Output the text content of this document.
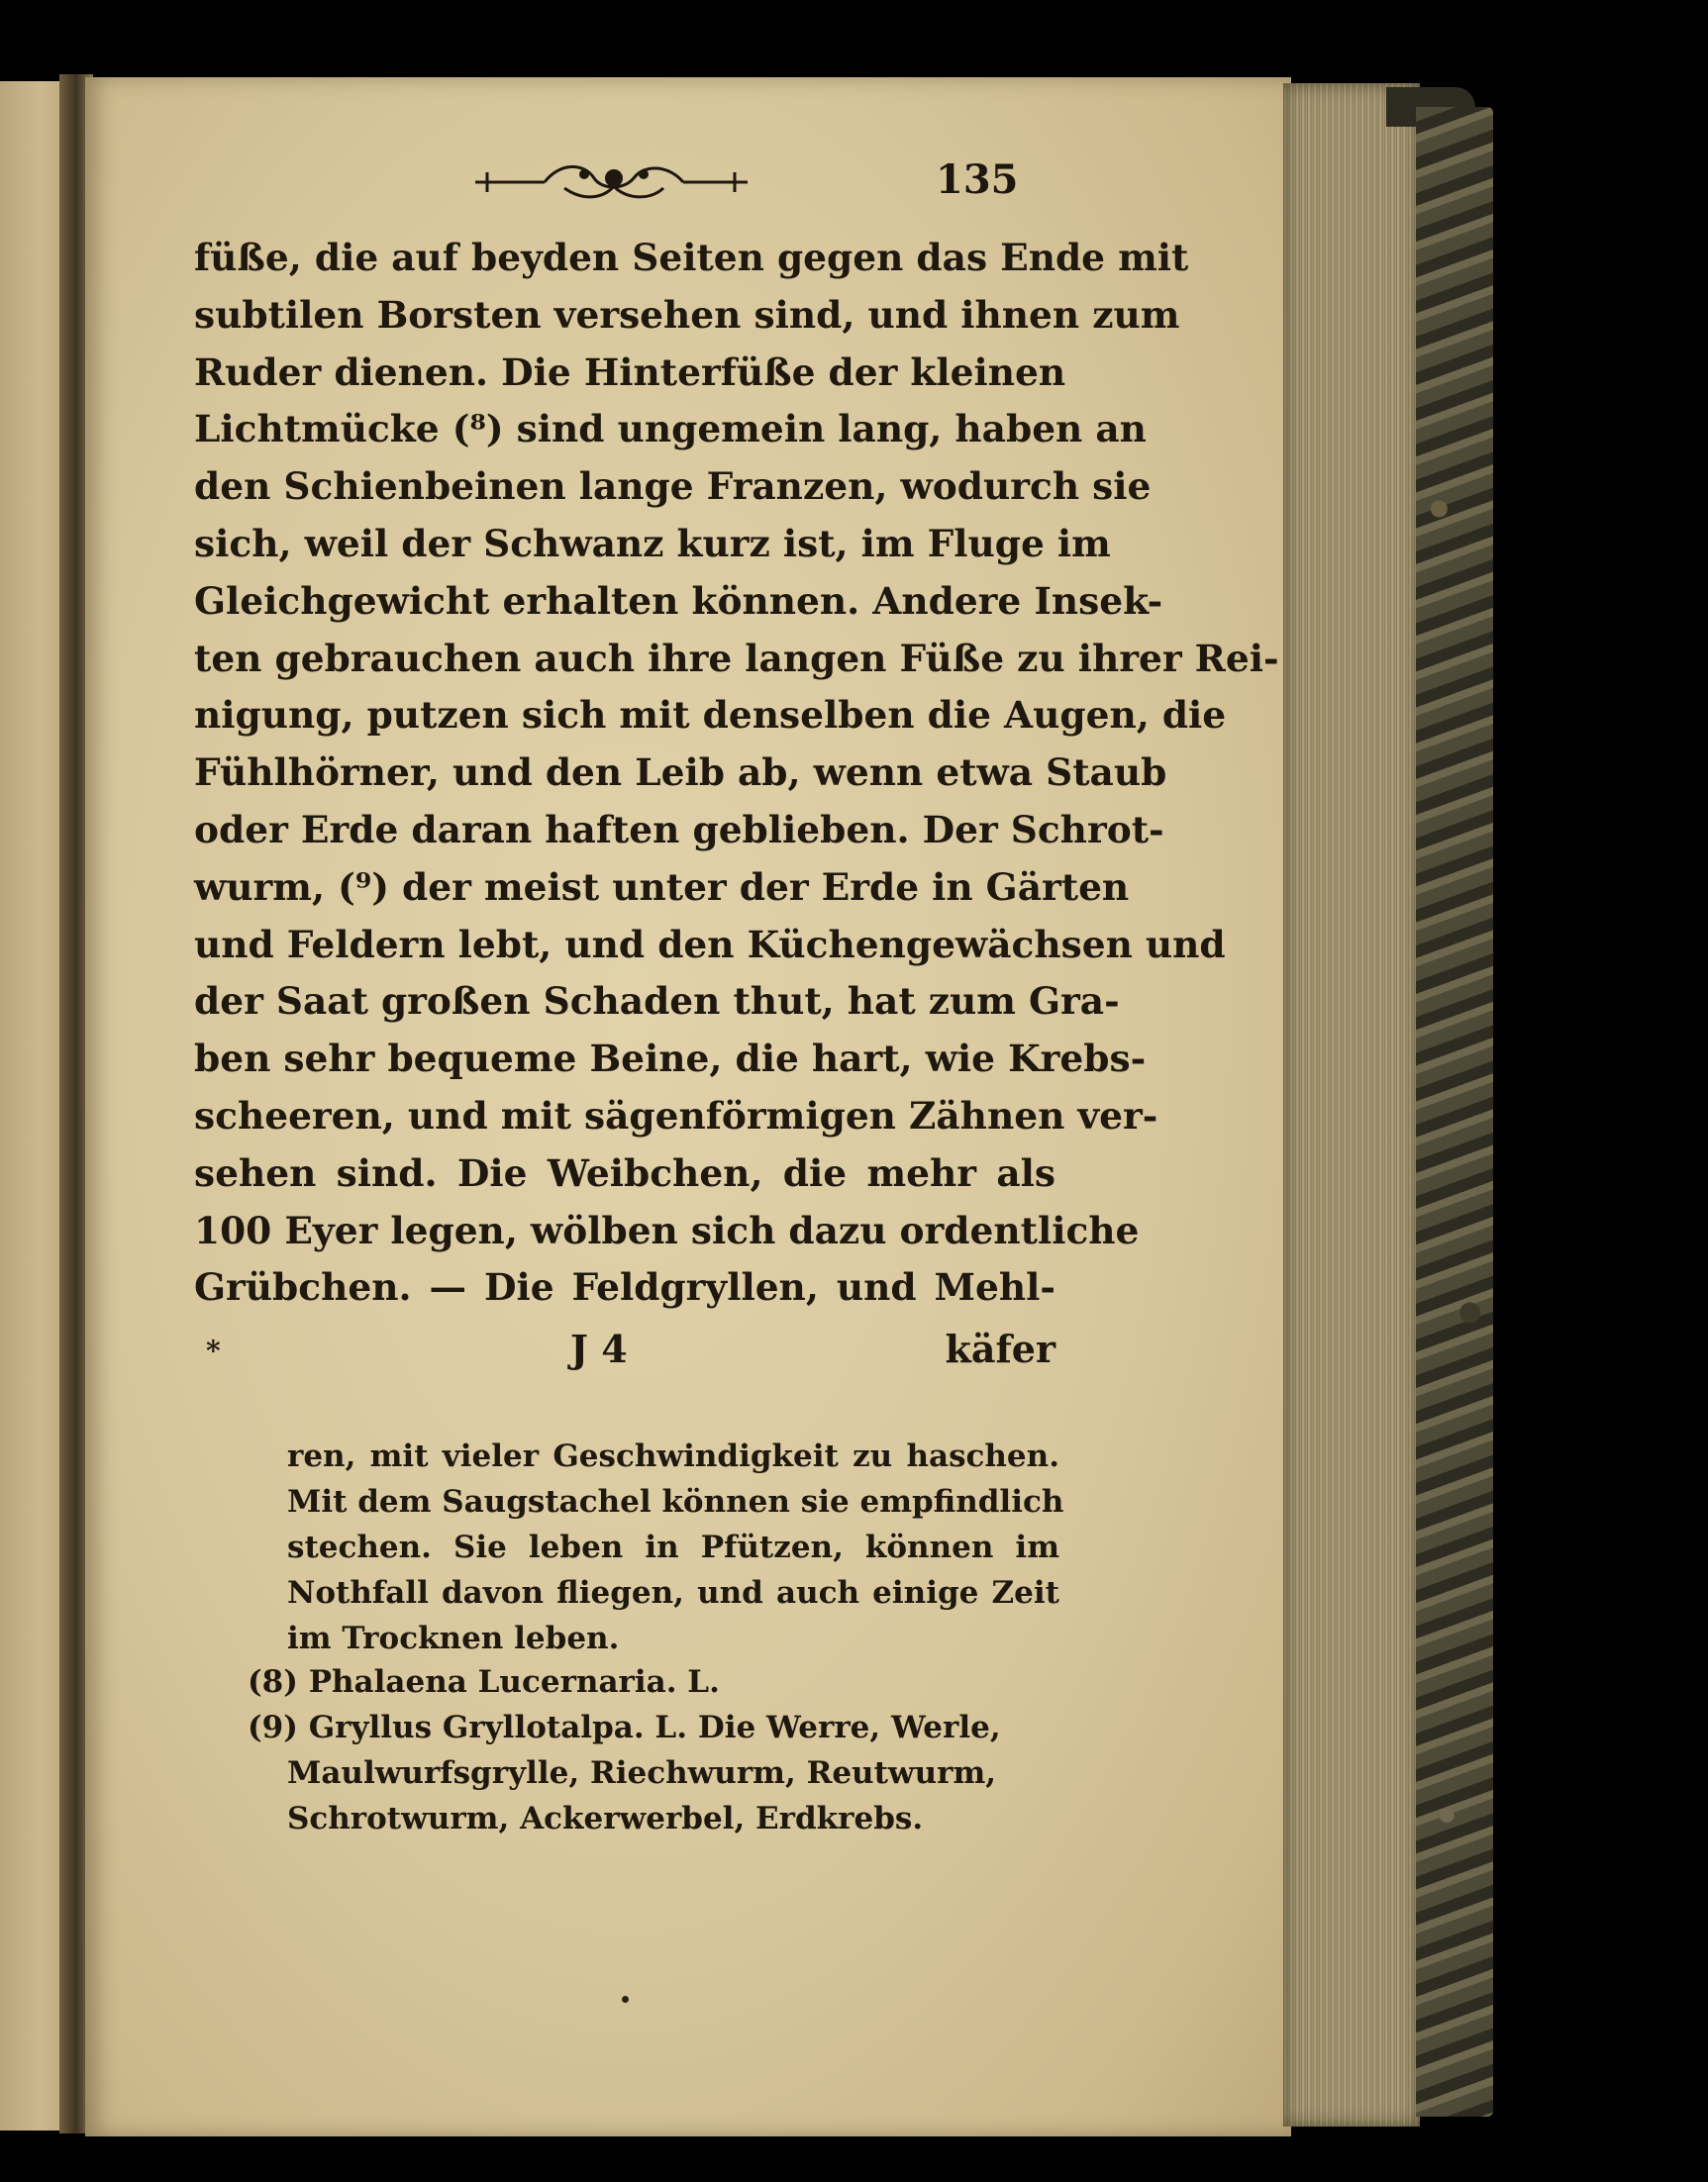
135
füße, die auf beyden Seiten gegen das Ende mit
subtilen Borsten versehen sind, und ihnen zum
Ruder dienen. Die Hinterfüße der kleinen
Lichtmücke (⁸) sind ungemein lang, haben an
den Schienbeinen lange Franzen, wodurch sie
sich, weil der Schwanz kurz ist, im Fluge im
Gleichgewicht erhalten können. Andere Insek-
ten gebrauchen auch ihre langen Füße zu ihrer Rei-
nigung, putzen sich mit denselben die Augen, die
Fühlhörner, und den Leib ab, wenn etwa Staub
oder Erde daran haften geblieben. Der Schrot-
wurm, (⁹) der meist unter der Erde in Gärten
und Feldern lebt, und den Küchengewächsen und
der Saat großen Schaden thut, hat zum Gra-
ben sehr bequeme Beine, die hart, wie Krebs-
scheeren, und mit sägenförmigen Zähnen ver-
sehen sind. Die Weibchen, die mehr als
100 Eyer legen, wölben sich dazu ordentliche
Grübchen. — Die Feldgryllen, und Mehl-
*	J 4	käfer
ren, mit vieler Geschwindigkeit zu haschen.
Mit dem Saugstachel können sie empfindlich
stechen. Sie leben in Pfützen, können im
Nothfall davon fliegen, und auch einige Zeit
im Trocknen leben.
(8) Phalaena Lucernaria. L.
(9) Gryllus Gryllotalpa. L. Die Werre, Werle,
Maulwurfsgrylle, Riechwurm, Reutwurm,
Schrotwurm, Ackerwerbel, Erdkrebs.
